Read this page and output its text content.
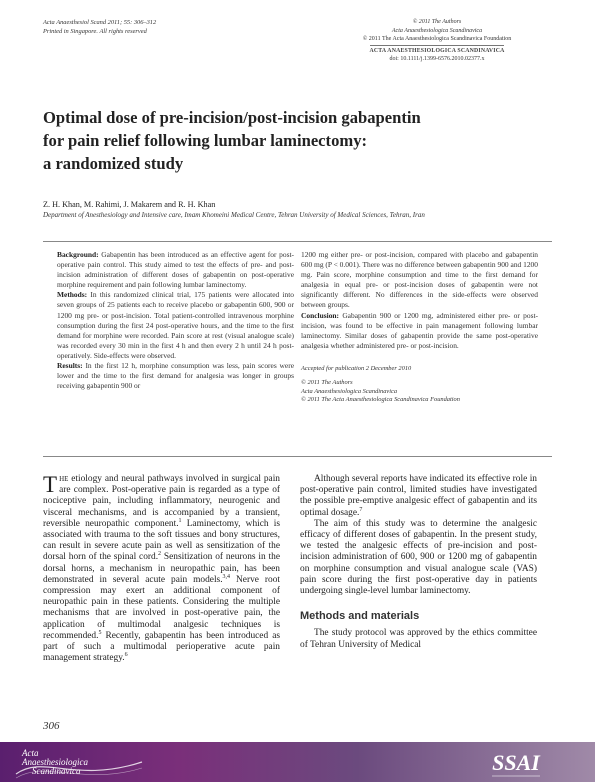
Acta Anaesthesiol Scand 2011; 55: 306–312
Printed in Singapore. All rights reserved
© 2011 The Authors
Acta Anaesthesiologica Scandinavica
© 2011 The Acta Anaesthesiologica Scandinavica Foundation
ACTA ANAESTHESIOLOGICA SCANDINAVICA
doi: 10.1111/j.1399-6576.2010.02377.x
Optimal dose of pre-incision/post-incision gabapentin
for pain relief following lumbar laminectomy:
a randomized study
Z. H. Khan, M. Rahimi, J. Makarem and R. H. Khan
Department of Anesthesiology and Intensive care, Imam Khomeini Medical Centre, Tehran University of Medical Sciences, Tehran, Iran

Background: Gabapentin has been introduced as an effective agent for post-operative pain control. This study aimed to test the effects of pre- and post-incision administration of different doses of gabapentin on post-operative morphine requirement and pain following lumbar laminectomy.

Methods: In this randomized clinical trial, 175 patients were allocated into seven groups of 25 patients each to receive placebo or gabapentin 600, 900 or 1200 mg pre- or post-incision. Total patient-controlled intravenous morphine consumption during the first 24 post-operative hours, and the time to the first demand for morphine were recorded. Pain score at rest (visual analogue scale) was recorded every 30 min in the first 4 h and then every 2 h until 24 h post-operatively. Side-effects were observed.

Results: In the first 12 h, morphine consumption was less, pain scores were lower and the time to the first demand for analgesia was longer in groups receiving gabapentin 900 or

1200 mg either pre- or post-incision, compared with placebo and gabapentin 600 mg (P < 0.001). There was no difference between gabapentin 900 and 1200 mg. Pain score, morphine consumption and time to the first demand for analgesia in equal pre- or post-incision doses of gabapentin were not significantly different. No differences in the side-effects were observed between groups.

Conclusion: Gabapentin 900 or 1200 mg, administered either pre- or post-incision, was found to be effective in pain management following lumbar laminectomy. Similar doses of gabapentin provide the same post-operative analgesia whether administered pre- or post-incision.

Accepted for publication 2 December 2010
© 2011 The Authors
Acta Anaesthesiologica Scandinavica
© 2011 The Acta Anaesthesiologica Scandinavica Foundation

The etiology and neural pathways involved in surgical pain are complex. Post-operative pain is regarded as a type of nociceptive pain, including inflammatory, neurogenic and visceral mechanisms, and is accompanied by a transient, reversible neuropathic component.$^1$ Laminectomy, which is associated with trauma to the soft tissues and bony structures, can result in severe acute pain as well as sensitization of the dorsal horn of the spinal cord.$^2$ Sensitization of neurons in the dorsal horns, a mechanism in neuropathic pain, has been demonstrated in several acute pain models.$^{3,4}$ Nerve root compression may exert an additional component of neuropathic pain in these patients. Considering the multiple mechanisms that are involved in post-operative pain, the application of multimodal analgesic techniques is recommended.$^5$ Recently, gabapentin has been introduced as part of such a multimodal perioperative acute pain management strategy.$^6$

Although several reports have indicated its effective role in post-operative pain control, limited studies have investigated the possible pre-emptive analgesic effect of gabapentin and its optimal dosage.$^7$

The aim of this study was to determine the analgesic efficacy of different doses of gabapentin. In the present study, we tested the analgesic effects of pre-incision and post-incision administration of 600, 900 or 1200 mg of gabapentin on morphine consumption and visual analogue scale (VAS) pain score during the first post-operative day in patients undergoing single-level lumbar laminectomy.

Methods and materials

The study protocol was approved by the ethics committee of Tehran University of Medical

306
Acta
Anaesthesiologica
Scandinavica	SSAI
